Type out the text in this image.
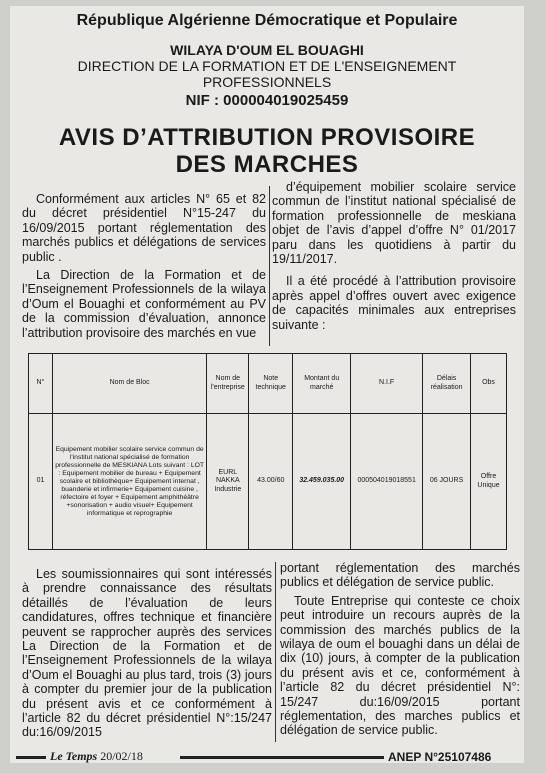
République Algérienne Démocratique et Populaire
WILAYA D'OUM EL BOUAGHI
DIRECTION DE LA FORMATION ET DE L'ENSEIGNEMENT PROFESSIONNELS
NIF : 000004019025459
AVIS D’ATTRIBUTION PROVISOIRE DES MARCHES

Conformément aux articles N° 65 et 82 du décret présidentiel N°15-247 du 16/09/2015 portant réglementation des marchés publics et délégations de services public .

La Direction de la Formation et de l’Enseignement Professionnels de la wilaya d’Oum el Bouaghi et conformément au PV de la commission d’évaluation, annonce l’attribution provisoire des marchés en vue

d’équipement mobilier scolaire service commun de l’institut national spécialisé de formation professionnelle de meskiana objet de l’avis d’appel d’offre N° 01/2017 paru dans les quotidiens à partir du 19/11/2017.

Il a été procédé à l’attribution provisoire après appel d’offres ouvert avec exigence de capacités minimales aux entreprises suivante :

N°	Nom de Bloc	Nom de l'entreprise	Note technique	Montant du marché	N.I.F	Délais réalisation	Obs
01	Equipement mobilier scolaire service commun de l'institut national spécialisé de formation professionnelle de MESKIANA Lots suivant : LOT : Equipement mobilier de bureau + Equipement scolaire et bibliothèque+ Equipement internat , buanderie et infirmerie+ Equipement cuisine , réfectoire et foyer + Equipement amphithéâtre +sonorisation + audio visuel+ Equipement informatique et reprographie	EURL NAKKA Industrie	43.00/60	32.459.035.00	000504019018551	06 JOURS	Offre Unique

Les soumissionnaires qui sont intéressés à prendre connaissance des résultats détaillés de l’évaluation de leurs candidatures, offres technique et financière peuvent se rapprocher auprès des services La Direction de la Formation et de l’Enseignement Professionnels de la wilaya d’Oum el Bouaghi au plus tard, trois (3) jours à compter du premier jour de la publication du présent avis et ce conformément à l’article 82 du décret présidentiel N°:15/247 du:16/09/2015

portant réglementation des marchés publics et délégation de service public.

Toute Entreprise qui conteste ce choix peut introduire un recours auprès de la commission des marchés publics de la wilaya de oum el bouaghi dans un délai de dix (10) jours, à compter de la publication du présent avis et ce, conformément à l’article 82 du décret présidentiel N°: 15/247 du:16/09/2015 portant réglementation, des marches publics et délégation de service public.

Le Temps 20/02/18	ANEP N°25107486
